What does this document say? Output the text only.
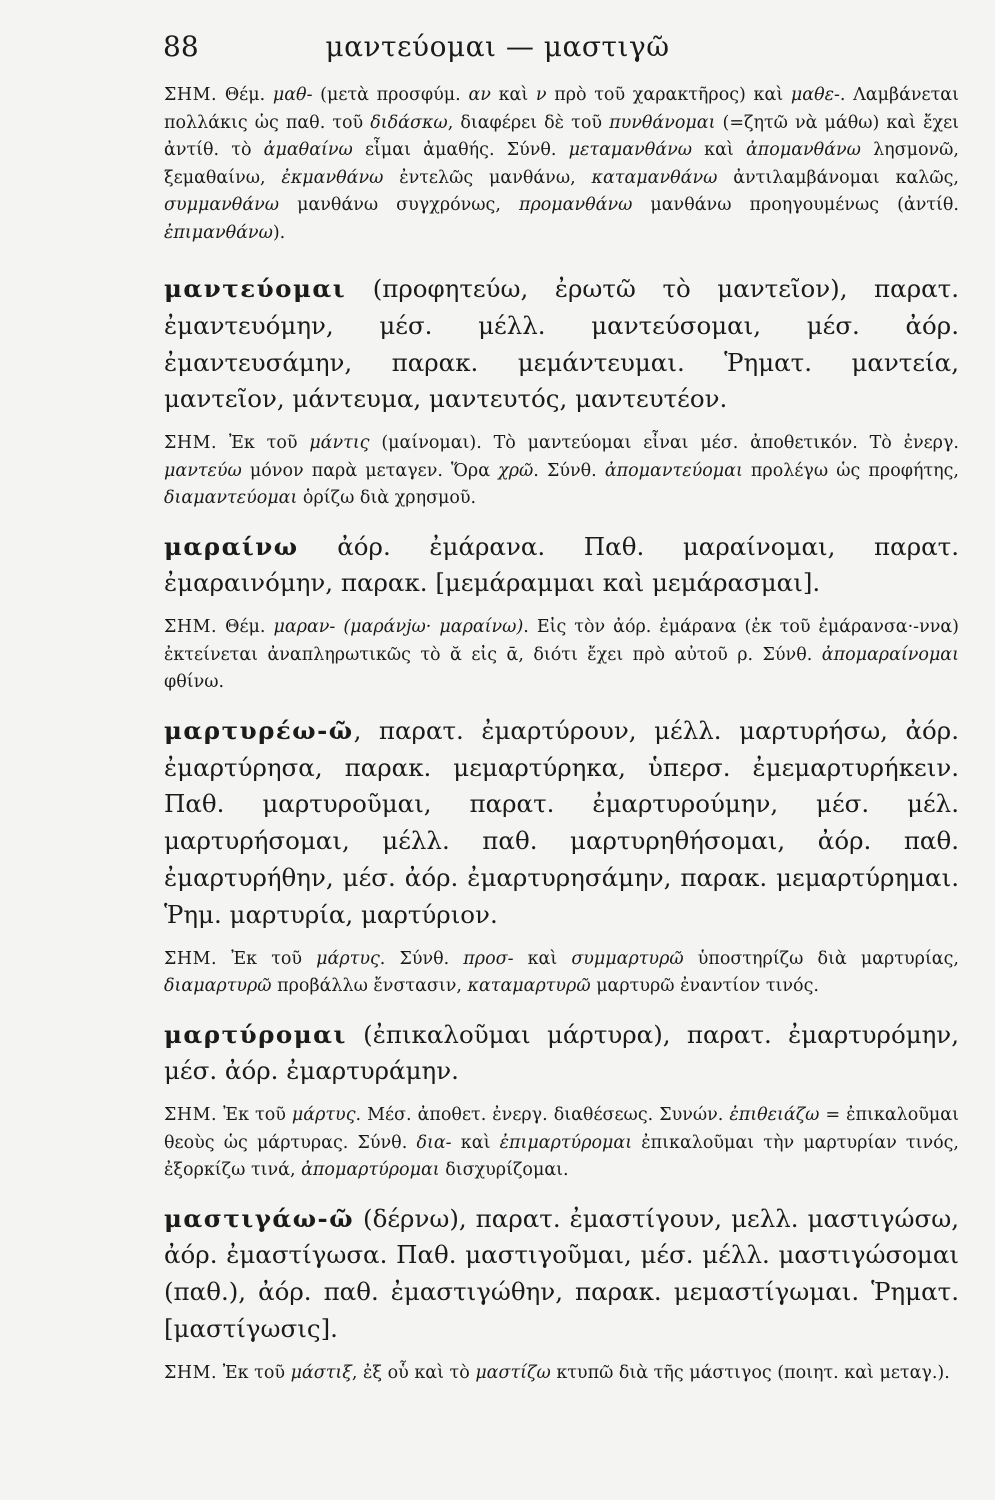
88	μαντεύομαι — μαστιγῶ

ΣΗΜ. Θέμ. μαθ- (μετὰ προσφύμ. αν καὶ ν πρὸ τοῦ χαρακτῆρος) καὶ μαθε-. Λαμβάνεται πολλάκις ὡς παθ. τοῦ διδάσκω, διαφέρει δὲ τοῦ πυνθάνομαι (=ζητῶ νὰ μάθω) καὶ ἔχει ἀντίθ. τὸ ἀμαθαίνω εἶμαι ἀμαθής. Σύνθ. μεταμανθάνω καὶ ἀπομανθάνω λησμονῶ, ξεμαθαίνω, ἐκμανθάνω ἐντελῶς μανθάνω, καταμανθάνω ἀντιλαμβάνομαι καλῶς, συμμανθάνω μανθάνω συγχρόνως, προμανθάνω μανθάνω προηγουμένως (ἀντίθ. ἐπιμανθάνω).

μαντεύομαι (προφητεύω, ἐρωτῶ τὸ μαντεῖον), παρατ. ἐμαντευόμην, μέσ. μέλλ. μαντεύσομαι, μέσ. ἀόρ. ἐμαντευσάμην, παρακ. μεμάντευμαι. Ῥηματ. μαντεία, μαντεῖον, μάντευμα, μαντευτός, μαντευτέον.

ΣΗΜ. Ἐκ τοῦ μάντις (μαίνομαι). Τὸ μαντεύομαι εἶναι μέσ. ἀποθετικόν. Τὸ ἐνεργ. μαντεύω μόνον παρὰ μεταγεν. Ὅρα χρῶ. Σύνθ. ἀπομαντεύομαι προλέγω ὡς προφήτης, διαμαντεύομαι ὁρίζω διὰ χρησμοῦ.

μαραίνω ἀόρ. ἐμάρανα. Παθ. μαραίνομαι, παρατ. ἐμαραινόμην, παρακ. [μεμάραμμαι καὶ μεμάρασμαι].

ΣΗΜ. Θέμ. μαραν- (μαράνjω· μαραίνω). Εἰς τὸν ἀόρ. ἐμάρανα (ἐκ τοῦ ἐμάρανσα·-ννα) ἐκτείνεται ἀναπληρωτικῶς τὸ ᾰ εἰς ᾱ, διότι ἔχει πρὸ αὐτοῦ ρ. Σύνθ. ἀπομαραίνομαι φθίνω.

μαρτυρέω-ῶ, παρατ. ἐμαρτύρουν, μέλλ. μαρτυρήσω, ἀόρ. ἐμαρτύρησα, παρακ. μεμαρτύρηκα, ὑπερσ. ἐμεμαρτυρήκειν. Παθ. μαρτυροῦμαι, παρατ. ἐμαρτυρούμην, μέσ. μέλ. μαρτυρήσομαι, μέλλ. παθ. μαρτυρηθήσομαι, ἀόρ. παθ. ἐμαρτυρήθην, μέσ. ἀόρ. ἐμαρτυρησάμην, παρακ. μεμαρτύρημαι. Ῥημ. μαρτυρία, μαρτύριον.

ΣΗΜ. Ἐκ τοῦ μάρτυς. Σύνθ. προσ- καὶ συμμαρτυρῶ ὑποστηρίζω διὰ μαρτυρίας, διαμαρτυρῶ προβάλλω ἔνστασιν, καταμαρτυρῶ μαρτυρῶ ἐναντίον τινός.

μαρτύρομαι (ἐπικαλοῦμαι μάρτυρα), παρατ. ἐμαρτυρόμην, μέσ. ἀόρ. ἐμαρτυράμην.

ΣΗΜ. Ἐκ τοῦ μάρτυς. Μέσ. ἀποθετ. ἐνεργ. διαθέσεως. Συνών. ἐπιθειάζω = ἐπικαλοῦμαι θεοὺς ὡς μάρτυρας. Σύνθ. δια- καὶ ἐπιμαρτύρομαι ἐπικαλοῦμαι τὴν μαρτυρίαν τινός, ἐξορκίζω τινά, ἀπομαρτύρομαι δισχυρίζομαι.

μαστιγάω-ῶ (δέρνω), παρατ. ἐμαστίγουν, μελλ. μαστιγώσω, ἀόρ. ἐμαστίγωσα. Παθ. μαστιγοῦμαι, μέσ. μέλλ. μαστιγώσομαι (παθ.), ἀόρ. παθ. ἐμαστιγώθην, παρακ. μεμαστίγωμαι. Ῥηματ. [μαστίγωσις].

ΣΗΜ. Ἐκ τοῦ μάστιξ, ἐξ οὗ καὶ τὸ μαστίζω κτυπῶ διὰ τῆς μάστιγος (ποιητ. καὶ μεταγ.).
